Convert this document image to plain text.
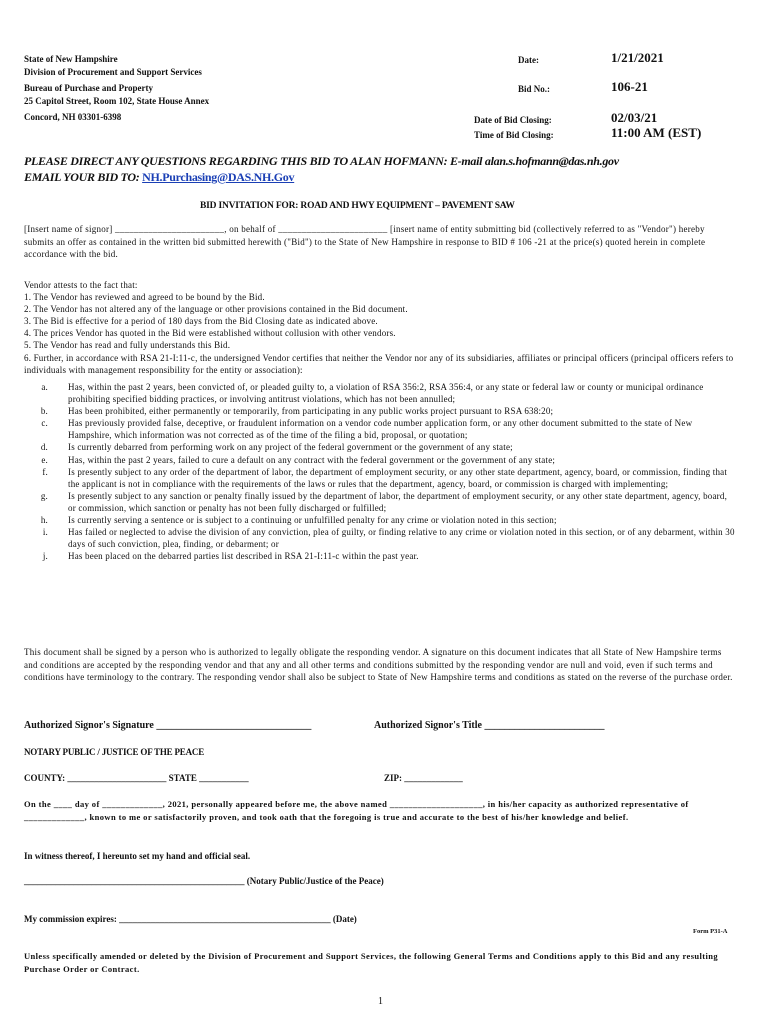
State of New Hampshire
Division of Procurement and Support Services
Bureau of Purchase and Property
25 Capitol Street, Room 102, State House Annex
Concord, NH 03301-6398
Date:	1/21/2021
Bid No.:	106-21
Date of Bid Closing:	02/03/21
Time of Bid Closing:	11:00 AM (EST)
PLEASE DIRECT ANY QUESTIONS REGARDING THIS BID TO ALAN HOFMANN: E-mail alan.s.hofmann@das.nh.gov
EMAIL YOUR BID TO: NH.Purchasing@DAS.NH.Gov
BID INVITATION FOR: ROAD AND HWY EQUIPMENT – PAVEMENT SAW
[Insert name of signor] _______________________, on behalf of _______________________ [insert name of entity submitting bid (collectively referred to as "Vendor") hereby submits an offer as contained in the written bid submitted herewith ("Bid") to the State of New Hampshire in response to BID # 106 -21 at the price(s) quoted herein in complete accordance with the bid.
Vendor attests to the fact that:
1. The Vendor has reviewed and agreed to be bound by the Bid.
2. The Vendor has not altered any of the language or other provisions contained in the Bid document.
3. The Bid is effective for a period of 180 days from the Bid Closing date as indicated above.
4. The prices Vendor has quoted in the Bid were established without collusion with other vendors.
5. The Vendor has read and fully understands this Bid.
6. Further, in accordance with RSA 21-I:11-c, the undersigned Vendor certifies that neither the Vendor nor any of its subsidiaries, affiliates or principal officers (principal officers refers to individuals with management responsibility for the entity or association):
a.	Has, within the past 2 years, been convicted of, or pleaded guilty to, a violation of RSA 356:2, RSA 356:4, or any state or federal law or county or municipal ordinance prohibiting specified bidding practices, or involving antitrust violations, which has not been annulled;
b.	Has been prohibited, either permanently or temporarily, from participating in any public works project pursuant to RSA 638:20;
c.	Has previously provided false, deceptive, or fraudulent information on a vendor code number application form, or any other document submitted to the state of New Hampshire, which information was not corrected as of the time of the filing a bid, proposal, or quotation;
d.	Is currently debarred from performing work on any project of the federal government or the government of any state;
e.	Has, within the past 2 years, failed to cure a default on any contract with the federal government or the government of any state;
f.	Is presently subject to any order of the department of labor, the department of employment security, or any other state department, agency, board, or commission, finding that the applicant is not in compliance with the requirements of the laws or rules that the department, agency, board, or commission is charged with implementing;
g.	Is presently subject to any sanction or penalty finally issued by the department of labor, the department of employment security, or any other state department, agency, board, or commission, which sanction or penalty has not been fully discharged or fulfilled;
h.	Is currently serving a sentence or is subject to a continuing or unfulfilled penalty for any crime or violation noted in this section;
i.	Has failed or neglected to advise the division of any conviction, plea of guilty, or finding relative to any crime or violation noted in this section, or of any debarment, within 30 days of such conviction, plea, finding, or debarment; or
j.	Has been placed on the debarred parties list described in RSA 21-I:11-c within the past year.
This document shall be signed by a person who is authorized to legally obligate the responding vendor. A signature on this document indicates that all State of New Hampshire terms and conditions are accepted by the responding vendor and that any and all other terms and conditions submitted by the responding vendor are null and void, even if such terms and conditions have terminology to the contrary. The responding vendor shall also be subject to State of New Hampshire terms and conditions as stated on the reverse of the purchase order.
Authorized Signor's Signature _______________________________	Authorized Signor's Title ________________________
NOTARY PUBLIC / JUSTICE OF THE PEACE
COUNTY: ______________________ STATE ___________	ZIP: _____________
On the ____ day of _____________, 2021, personally appeared before me, the above named ____________________, in his/her capacity as authorized representative of _____________, known to me or satisfactorily proven, and took oath that the foregoing is true and accurate to the best of his/her knowledge and belief.
In witness thereof, I hereunto set my hand and official seal.
_________________________________________________ (Notary Public/Justice of the Peace)
My commission expires: _______________________________________________ (Date)
Form P31-A
Unless specifically amended or deleted by the Division of Procurement and Support Services, the following General Terms and Conditions apply to this Bid and any resulting Purchase Order or Contract.
1
